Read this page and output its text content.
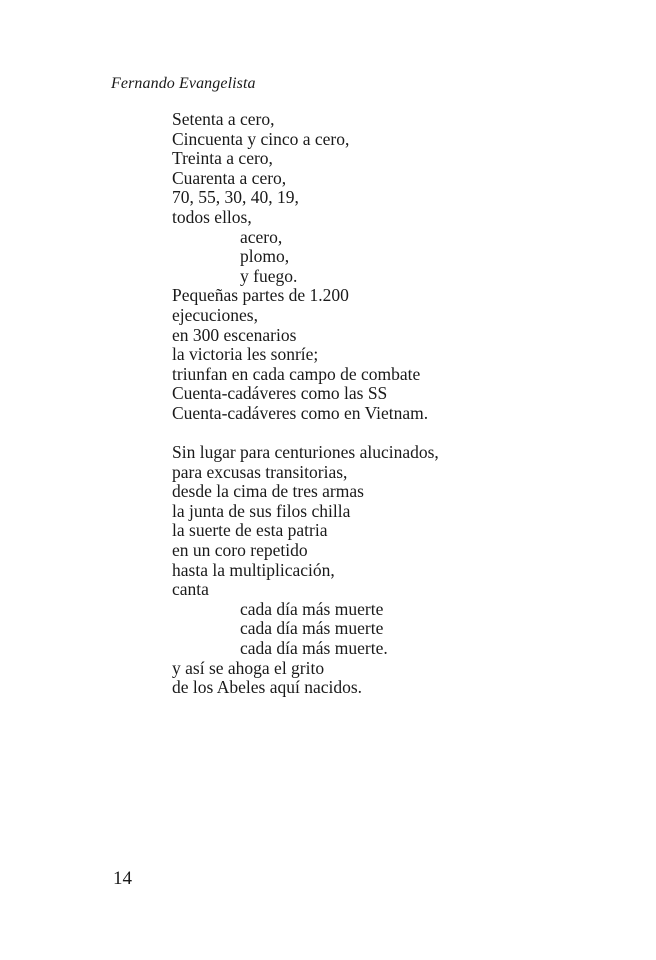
Fernando Evangelista
Setenta a cero,
Cincuenta y cinco a cero,
Treinta a cero,
Cuarenta a cero,
70, 55, 30, 40, 19,
todos ellos,
acero,
plomo,
y fuego.
Pequeñas partes de 1.200
ejecuciones,
en 300 escenarios
la victoria les sonríe;
triunfan en cada campo de combate
Cuenta-cadáveres como las SS
Cuenta-cadáveres como en Vietnam.
Sin lugar para centuriones alucinados,
para excusas transitorias,
desde la cima de tres armas
la junta de sus filos chilla
la suerte de esta patria
en un coro repetido
hasta la multiplicación,
canta
cada día más muerte
cada día más muerte
cada día más muerte.
y así se ahoga el grito
de los Abeles aquí nacidos.
14
